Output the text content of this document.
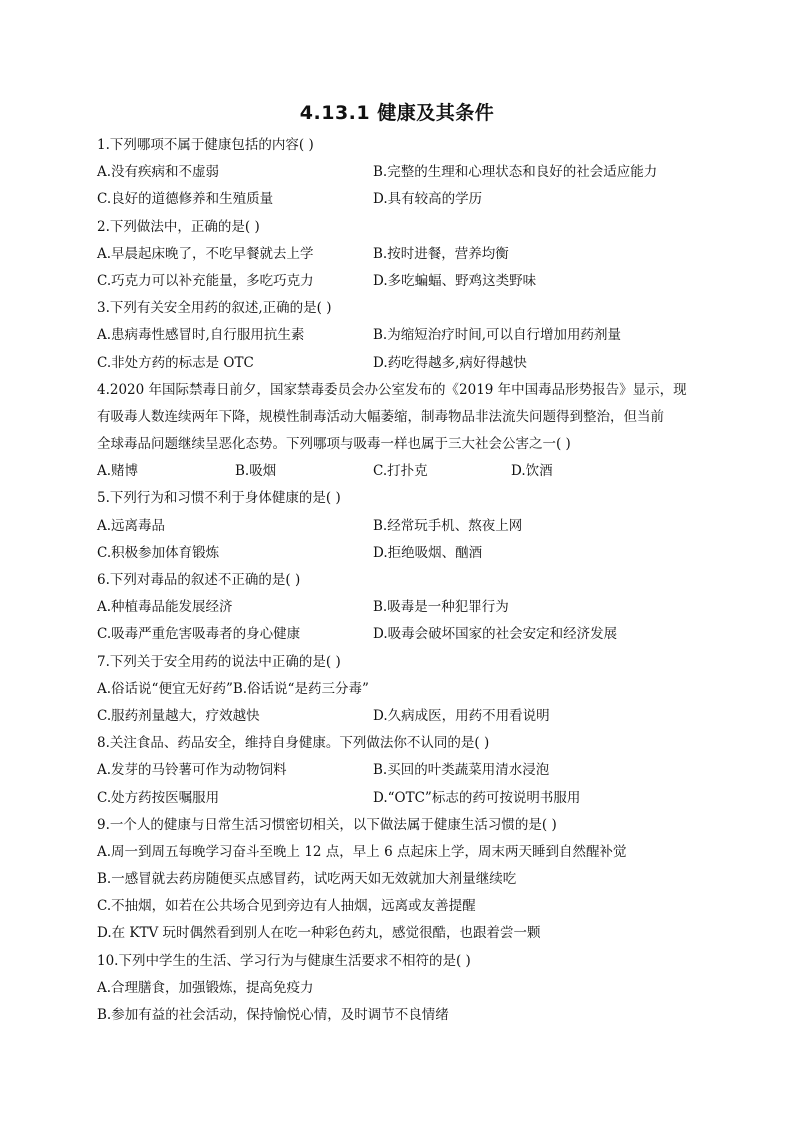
4.13.1 健康及其条件
1.下列哪项不属于健康包括的内容( )
A.没有疾病和不虚弱	B.完整的生理和心理状态和良好的社会适应能力
C.良好的道德修养和生殖质量	D.具有较高的学历
2.下列做法中，正确的是( )
A.早晨起床晚了，不吃早餐就去上学	B.按时进餐，营养均衡
C.巧克力可以补充能量，多吃巧克力	D.多吃蝙蝠、野鸡这类野味
3.下列有关安全用药的叙述,正确的是( )
A.患病毒性感冒时,自行服用抗生素	B.为缩短治疗时间,可以自行增加用药剂量
C.非处方药的标志是 OTC	D.药吃得越多,病好得越快
4.2020 年国际禁毒日前夕，国家禁毒委员会办公室发布的《2019 年中国毒品形势报告》显示，现
有吸毒人数连续两年下降，规模性制毒活动大幅萎缩，制毒物品非法流失问题得到整治，但当前
全球毒品问题继续呈恶化态势。下列哪项与吸毒一样也属于三大社会公害之一( )
A.赌博	B.吸烟	C.打扑克	D.饮酒
5.下列行为和习惯不利于身体健康的是( )
A.远离毒品	B.经常玩手机、熬夜上网
C.积极参加体育锻炼	D.拒绝吸烟、酗酒
6.下列对毒品的叙述不正确的是( )
A.种植毒品能发展经济	B.吸毒是一种犯罪行为
C.吸毒严重危害吸毒者的身心健康	D.吸毒会破坏国家的社会安定和经济发展
7.下列关于安全用药的说法中正确的是( )
A.俗话说“便宜无好药”B.俗话说“是药三分毒”
C.服药剂量越大，疗效越快	D.久病成医，用药不用看说明
8.关注食品、药品安全，维持自身健康。下列做法你不认同的是( )
A.发芽的马铃薯可作为动物饲料	B.买回的叶类蔬菜用清水浸泡
C.处方药按医嘱服用	D.“OTC”标志的药可按说明书服用
9.一个人的健康与日常生活习惯密切相关，以下做法属于健康生活习惯的是( )
A.周一到周五每晚学习奋斗至晚上 12 点，早上 6 点起床上学，周末两天睡到自然醒补觉
B.一感冒就去药房随便买点感冒药，试吃两天如无效就加大剂量继续吃
C.不抽烟，如若在公共场合见到旁边有人抽烟，远离或友善提醒
D.在 KTV 玩时偶然看到别人在吃一种彩色药丸，感觉很酷，也跟着尝一颗
10.下列中学生的生活、学习行为与健康生活要求不相符的是( )
A.合理膳食，加强锻炼，提高免疫力
B.参加有益的社会活动，保持愉悦心情，及时调节不良情绪
